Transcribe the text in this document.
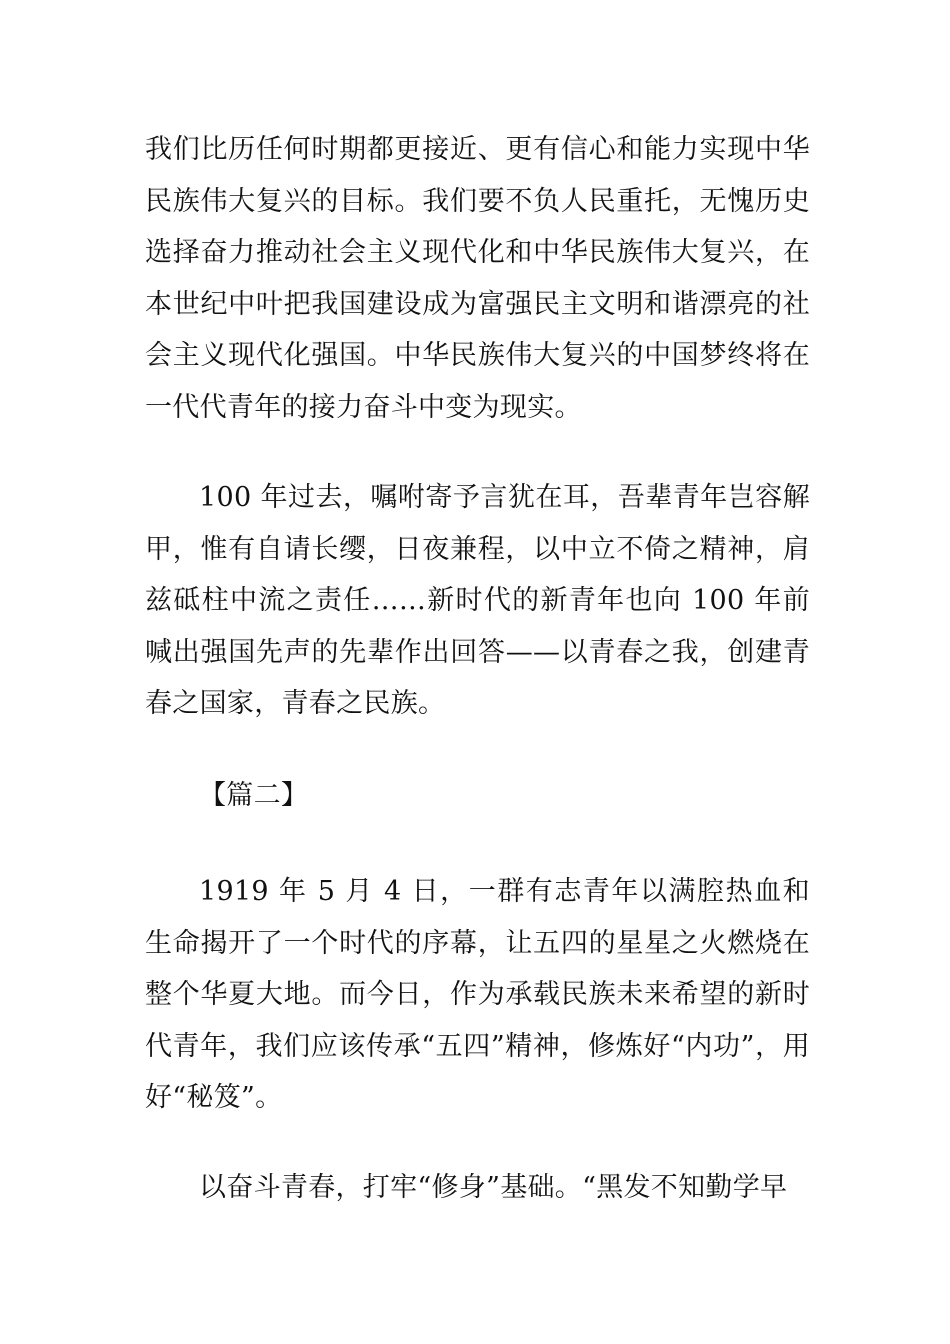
我们比历任何时期都更接近、更有信心和能力实现中华民族伟大复兴的目标。我们要不负人民重托，无愧历史选择奋力推动社会主义现代化和中华民族伟大复兴，在本世纪中叶把我国建设成为富强民主文明和谐漂亮的社会主义现代化强国。中华民族伟大复兴的中国梦终将在一代代青年的接力奋斗中变为现实。

100 年过去，嘱咐寄予言犹在耳，吾辈青年岂容解甲，惟有自请长缨，日夜兼程，以中立不倚之精神，肩兹砥柱中流之责任……新时代的新青年也向 100 年前喊出强国先声的先辈作出回答——以青春之我，创建青春之国家，青春之民族。

【篇二】

1919 年 5 月 4 日，一群有志青年以满腔热血和生命揭开了一个时代的序幕，让五四的星星之火燃烧在整个华夏大地。而今日，作为承载民族未来希望的新时代青年，我们应该传承“五四”精神，修炼好“内功”，用好“秘笈”。

以奋斗青春，打牢“修身”基础。“黑发不知勤学早
